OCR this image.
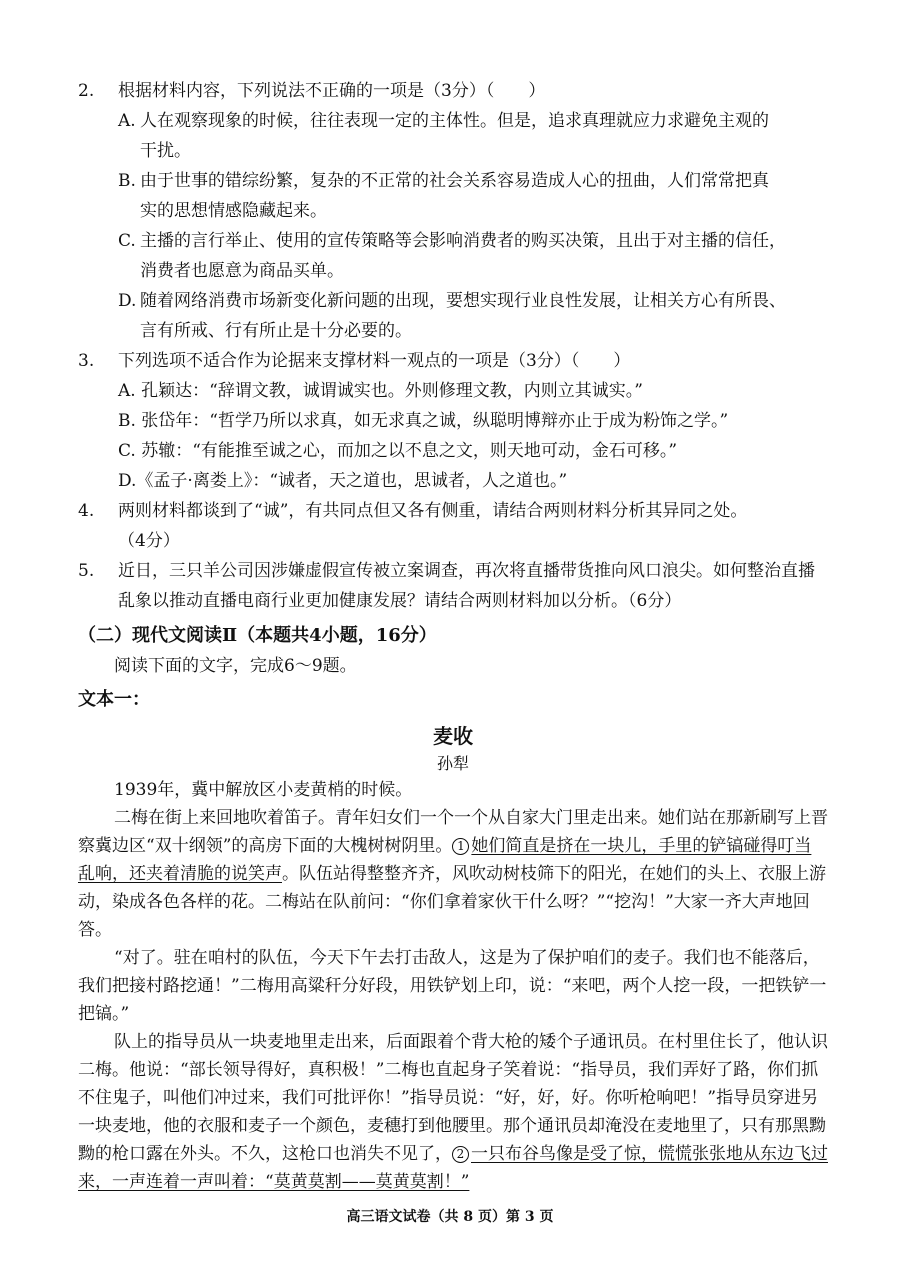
2.	根据材料内容，下列说法不正确的一项是（3分）（　　）
A. 人在观察现象的时候，往往表现一定的主体性。但是，追求真理就应力求避免主观的
干扰。
B. 由于世事的错综纷繁，复杂的不正常的社会关系容易造成人心的扭曲，人们常常把真
实的思想情感隐藏起来。
C. 主播的言行举止、使用的宣传策略等会影响消费者的购买决策，且出于对主播的信任，
消费者也愿意为商品买单。
D. 随着网络消费市场新变化新问题的出现，要想实现行业良性发展，让相关方心有所畏、
言有所戒、行有所止是十分必要的。
3.	下列选项不适合作为论据来支撑材料一观点的一项是（3分）（　　）
A. 孔颖达：“辞谓文教，诚谓诚实也。外则修理文教，内则立其诚实。”
B. 张岱年：“哲学乃所以求真，如无求真之诚，纵聪明博辩亦止于成为粉饰之学。”
C. 苏辙：“有能推至诚之心，而加之以不息之文，则天地可动，金石可移。”
D.《孟子·离娄上》：“诚者，天之道也，思诚者，人之道也。”
4.	两则材料都谈到了“诚”，有共同点但又各有侧重，请结合两则材料分析其异同之处。
（4分）
5.	近日，三只羊公司因涉嫌虚假宣传被立案调查，再次将直播带货推向风口浪尖。如何整治直播乱象以推动直播电商行业更加健康发展？请结合两则材料加以分析。（6分）
（二）现代文阅读Ⅱ（本题共4小题，16分）
阅读下面的文字，完成6～9题。
文本一：
麦收
孙犁
1939年，冀中解放区小麦黄梢的时候。
二梅在街上来回地吹着笛子。青年妇女们一个一个从自家大门里走出来。她们站在那新刷写上晋察冀边区“双十纲领”的高房下面的大槐树树阴里。 1 她们简直是挤在一块儿，手里的铲镐碰得叮当乱响，还夹着清脆的说笑声。队伍站得整整齐齐，风吹动树枝筛下的阳光，在她们的头上、衣服上游动，染成各色各样的花。二梅站在队前问：“你们拿着家伙干什么呀？”“挖沟！”大家一齐大声地回答。
“对了。驻在咱村的队伍，今天下午去打击敌人，这是为了保护咱们的麦子。我们也不能落后，我们把接村路挖通！”二梅用高粱秆分好段，用铁铲划上印，说：“来吧，两个人挖一段，一把铁铲一把镐。”
队上的指导员从一块麦地里走出来，后面跟着个背大枪的矮个子通讯员。在村里住长了，他认识二梅。他说：“部长领导得好，真积极！”二梅也直起身子笑着说：“指导员，我们弄好了路，你们抓不住鬼子，叫他们冲过来，我们可批评你！”指导员说：“好，好，好。你听枪响吧！”指导员穿进另一块麦地，他的衣服和麦子一个颜色，麦穗打到他腰里。那个通讯员却淹没在麦地里了，只有那黑黝黝的枪口露在外头。不久，这枪口也消失不见了， 2 一只布谷鸟像是受了惊，慌慌张张地从东边飞过来，一声连着一声叫着：“莫黄莫割——莫黄莫割！”
高三语文试卷（共 8 页）第 3 页
